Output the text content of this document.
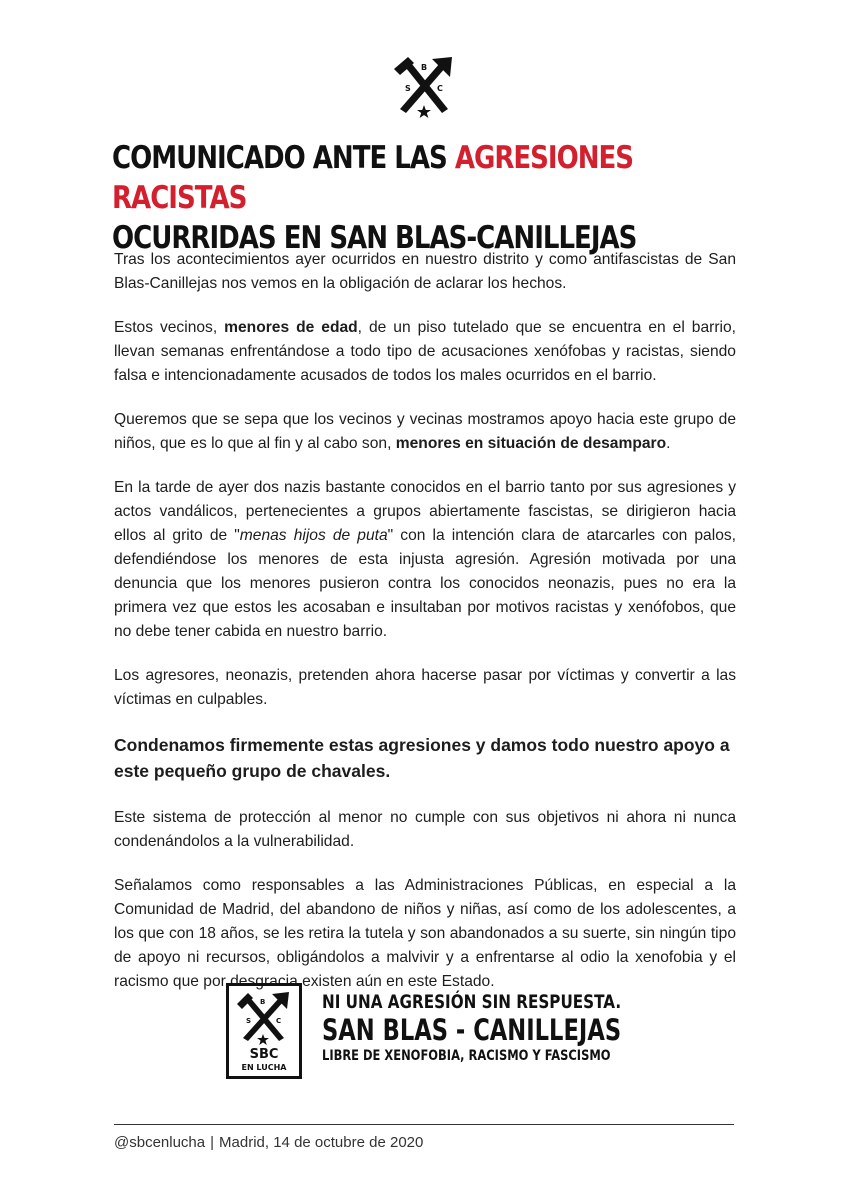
B
S	C
COMUNICADO ANTE LAS AGRESIONES RACISTAS
OCURRIDAS EN SAN BLAS-CANILLEJAS

Tras los acontecimientos ayer ocurridos en nuestro distrito y como antifascistas de San Blas-Canillejas nos vemos en la obligación de aclarar los hechos.

Estos vecinos, menores de edad, de un piso tutelado que se encuentra en el barrio, llevan semanas enfrentándose a todo tipo de acusaciones xenófobas y racistas, siendo falsa e intencionadamente acusados de todos los males ocurridos en el barrio.

Queremos que se sepa que los vecinos y vecinas mostramos apoyo hacia este grupo de niños, que es lo que al fin y al cabo son, menores en situación de desamparo.

En la tarde de ayer dos nazis bastante conocidos en el barrio tanto por sus agresiones y actos vandálicos, pertenecientes a grupos abiertamente fascistas, se dirigieron hacia ellos al grito de "menas hijos de puta" con la intención clara de atarcarles con palos, defendiéndose los menores de esta injusta agresión. Agresión motivada por una denuncia que los menores pusieron contra los conocidos neonazis, pues no era la primera vez que estos les acosaban e insultaban por motivos racistas y xenófobos, que no debe tener cabida en nuestro barrio.

Los agresores, neonazis, pretenden ahora hacerse pasar por víctimas y convertir a las víctimas en culpables.

Condenamos firmemente estas agresiones y damos todo nuestro apoyo a este pequeño grupo de chavales.

Este sistema de protección al menor no cumple con sus objetivos ni ahora ni nunca condenándolos a la vulnerabilidad.

Señalamos como responsables a las Administraciones Públicas, en especial a la Comunidad de Madrid, del abandono de niños y niñas, así como de los adolescentes, a los que con 18 años, se les retira la tutela y son abandonados a su suerte, sin ningún tipo de apoyo ni recursos, obligándolos a malvivir y a enfrentarse al odio la xenofobia y el racismo que por desgracia existen aún en este Estado.

B
S	C
SBC
EN LUCHA
NI UNA AGRESIÓN SIN RESPUESTA.
SAN BLAS - CANILLEJAS
LIBRE DE XENOFOBIA, RACISMO Y FASCISMO
@sbcenlucha | Madrid, 14 de octubre de 2020
